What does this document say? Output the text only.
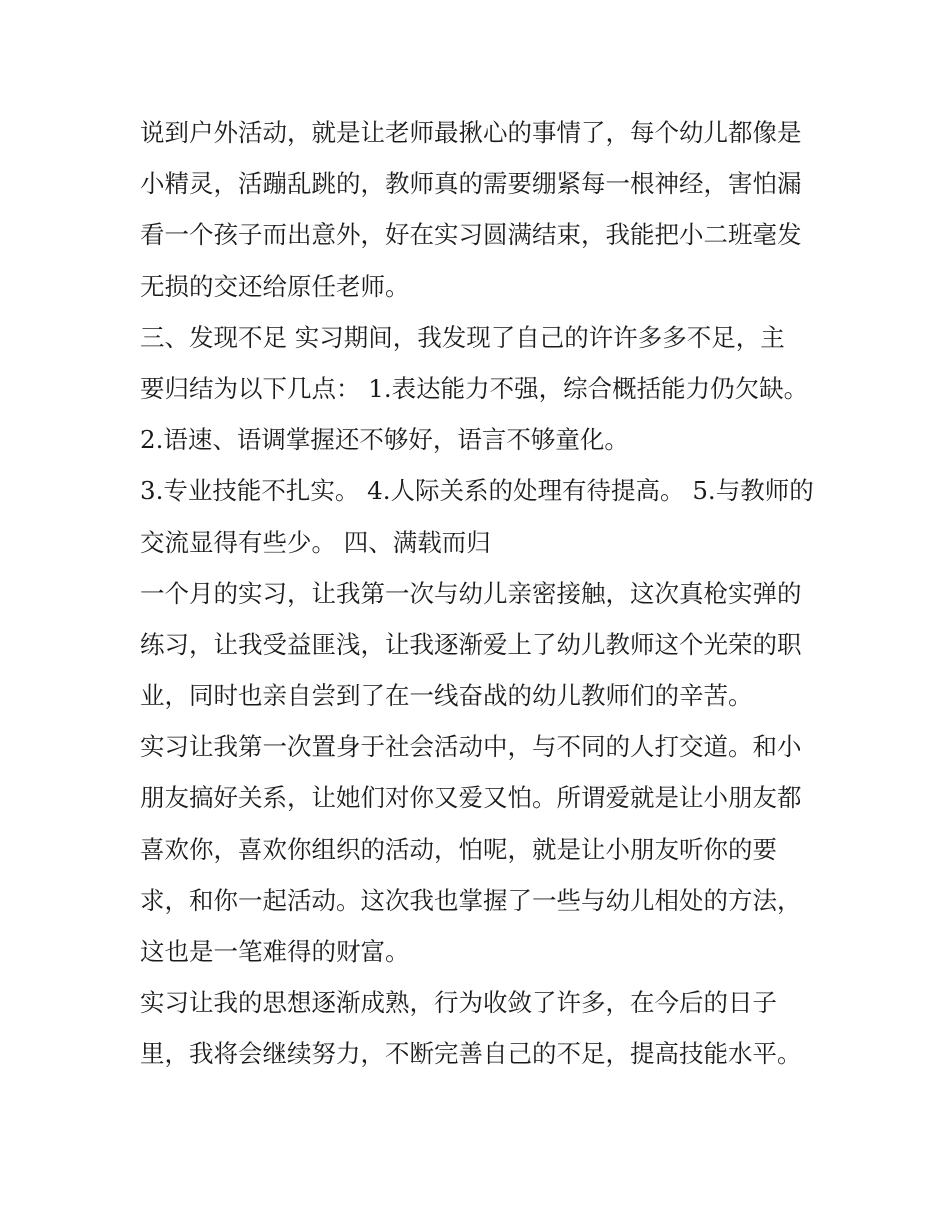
说到户外活动，就是让老师最揪心的事情了，每个幼儿都像是
小精灵，活蹦乱跳的，教师真的需要绷紧每一根神经，害怕漏
看一个孩子而出意外，好在实习圆满结束，我能把小二班毫发
无损的交还给原任老师。
三、发现不足 实习期间，我发现了自己的许许多多不足，主
要归结为以下几点： 1.表达能力不强，综合概括能力仍欠缺。
2.语速、语调掌握还不够好，语言不够童化。
3.专业技能不扎实。 4.人际关系的处理有待提高。 5.与教师的
交流显得有些少。 四、满载而归
一个月的实习，让我第一次与幼儿亲密接触，这次真枪实弹的
练习，让我受益匪浅，让我逐渐爱上了幼儿教师这个光荣的职
业，同时也亲自尝到了在一线奋战的幼儿教师们的辛苦。
实习让我第一次置身于社会活动中，与不同的人打交道。和小
朋友搞好关系，让她们对你又爱又怕。所谓爱就是让小朋友都
喜欢你，喜欢你组织的活动，怕呢，就是让小朋友听你的要
求，和你一起活动。这次我也掌握了一些与幼儿相处的方法，
这也是一笔难得的财富。
实习让我的思想逐渐成熟，行为收敛了许多，在今后的日子
里，我将会继续努力，不断完善自己的不足，提高技能水平。
